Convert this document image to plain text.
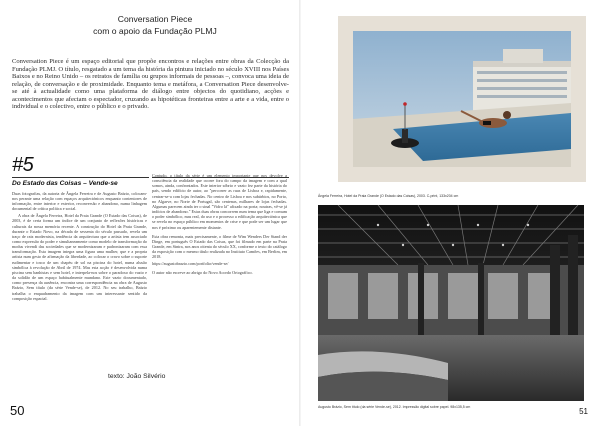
Conversation Piece
com o apoio da Fundação PLMJ

Conversation Piece é um espaço editorial que propõe encontros e relações entre obras da Colecção da Fundação PLMJ. O título, resgatado a um tema da história da pintura iniciado no século XVIII nos Países Baixos e no Reino Unido – os retratos de família ou grupos informais de pessoas –, convoca uma ideia de relação, de conversação e de proximidade. Enquanto tema e metáfora, a Conversation Piece desenvolve-se até à actualidade como uma plataforma de diálogo entre objectos do quotidiano, acções e acontecimentos que afectam o espectador, cruzando as hipotéticas fronteiras entre a arte e a vida, entre o individual e o colectivo, entre o público e o privado.

#5
Do Estado das Coisas – Vende-se

Duas fotografias, da autoria de Ângela Ferreira e de Augusto Brázio, colocam-nos perante uma relação com espaços arquitectónicos enquanto contentores de informação, entre interior e exterior, reconversão e abandono, numa linhagem documental de crítica política e social.

A obra de Ângela Ferreira, Hotel da Praia Grande (O Estado das Coisas), de 2003, é de certa forma um índice de um conjunto de reflexões históricas e culturais da nossa memória recente. A construção do Hotel da Praia Grande, durante o Estado Novo, na década de sessenta do século passado, revela um traço de raiz modernista, tendência da arquitectura que a artista tem associado como expressão do poder e simultaneamente como modelo de transformação do modus vivendi das sociedades que se modernizaram e padronizaram com essa transformação. Esta imagem integra uma figura uma mulher, que e a propria artista num gesto de afirmação da liberdade, ao colocar o cravo sobre o suporte rudimentar e tosco de um chapéu de sol na piscina do hotel, numa alusão simbólica à revolução de Abril de 1974. Mas esta acção é desenvolvida numa piscina sem banhistas e sem hotel, e interpela-nos sobre o paradoxo do vazio e da solidão de um espaço habitualmente mundano. Este vazio documentado, como presença da ausência, encontra uma correspondência na obra de Augusto Brázio, Sem título (da série Vende-se), de 2012. No seu trabalho, Brázio trabalha o enquadramento da imagem com um interessante sentido da composição espacial.

Contudo, o título da série é um elemento importante que nos devolve a consciência da realidade que ocorre fora do campo da imagem e com a qual somos, ainda, confrontados. Este interior sóbrio e vazio fez parte da história do país, sendo edifício de autor, ao "percorrer as ruas de Lisboa e, rapidamente, centrar-se-a com lojas fechadas. No centro de Lisboa e nos subúrbios, no Porto, no Algarve, no Norte de Portugal, são centenas, milhares de lojas fechadas. Algumas parecem ainda ter o sinal "Vidro lá" afixado na porta; noutras, vê-se já indícios de abandono." Estas duas obras concorrem num tema que liga e comum o poder simbólico, mas real, do uso e o processo a edificação arquitectónica que se revela no espaço público em momentos de crise e que pode ser um lugar que nos é próximo ou aparentemente distante.

Esta obra remonta, mais precisamente, o filme de Wim Wenders Der Stand der Dinge, em português O Estado das Coisas, que foi filmado em parte na Praia Grande, em Sintra, nos anos oitenta do século XX, conforme o texto do catálogo da exposição com o mesmo título realizada no Instituto Camões, em Berlim, em 2018.

https://augustobrazio.com/portfolio/vende-se/

O autor não escreve ao abrigo do Novo Acordo Ortográfico.

texto: João Silvério
50
Ângela Ferreira, Hotel da Praia Grande (O Estado das Coisas), 2003. C-print, 133x204 cm
Augusto Brázio, Sem título (da série Vende-se), 2012. Impressão digital sobre papel. 98x135,5 cm	51
